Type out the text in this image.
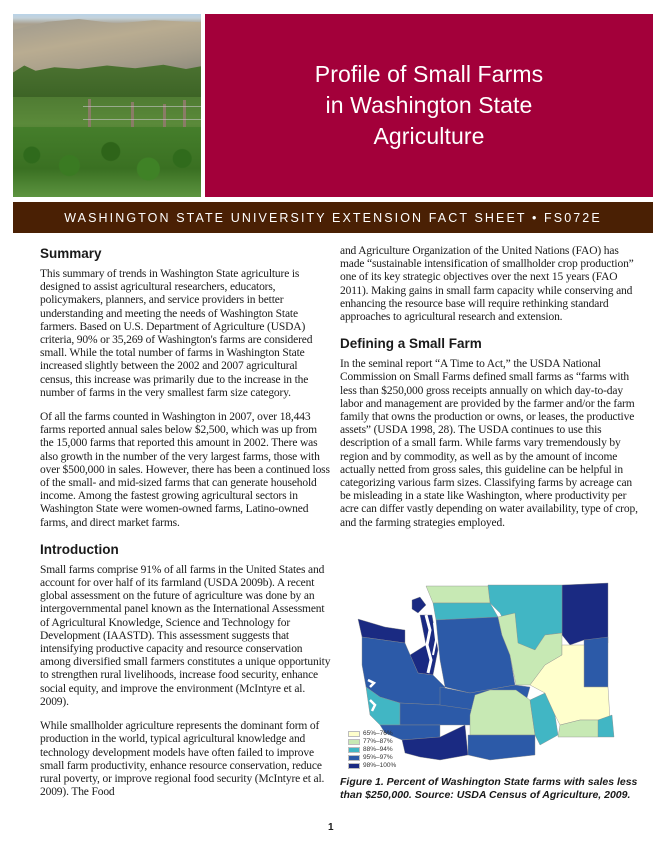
Profile of Small Farms
in Washington State
Agriculture
WASHINGTON STATE UNIVERSITY EXTENSION FACT SHEET • FS072E
Summary

This summary of trends in Washington State agriculture is designed to assist agricultural researchers, educators, policymakers, planners, and service providers in better understanding and meeting the needs of Washington State farmers. Based on U.S. Department of Agriculture (USDA) criteria, 90% or 35,269 of Washington's farms are considered small. While the total number of farms in Washington State increased slightly between the 2002 and 2007 agricultural census, this increase was primarily due to the increase in the number of farms in the very smallest farm size category.

Of all the farms counted in Washington in 2007, over 18,443 farms reported annual sales below $2,500, which was up from the 15,000 farms that reported this amount in 2002. There was also growth in the number of the very largest farms, those with over $500,000 in sales. However, there has been a continued loss of the small- and mid-sized farms that can generate household income. Among the fastest growing agricultural sectors in Washington State were women-owned farms, Latino-owned farms, and direct market farms.

Introduction

Small farms comprise 91% of all farms in the United States and account for over half of its farmland (USDA 2009b). A recent global assessment on the future of agriculture was done by an intergovernmental panel known as the International Assessment of Agricultural Knowledge, Science and Technology for Development (IAASTD). This assessment suggests that intensifying productive capacity and resource conservation among diversified small farmers constitutes a unique opportunity to strengthen rural livelihoods, increase food security, enhance social equity, and improve the environment (McIntyre et al. 2009).

While smallholder agriculture represents the dominant form of production in the world, typical agricultural knowledge and technology development models have often failed to improve small farm productivity, enhance resource conservation, reduce rural poverty, or improve regional food security (McIntyre et al. 2009). The Food

and Agriculture Organization of the United Nations (FAO) has made “sustainable intensification of smallholder crop production” one of its key strategic objectives over the next 15 years (FAO 2011). Making gains in small farm capacity while conserving and enhancing the resource base will require rethinking standard approaches to agricultural research and extension.

Defining a Small Farm

In the seminal report “A Time to Act,” the USDA National Commission on Small Farms defined small farms as “farms with less than $250,000 gross receipts annually on which day-to-day labor and management are provided by the farmer and/or the farm family that owns the production or owns, or leases, the productive assets” (USDA 1998, 28). The USDA continues to use this description of a small farm. While farms vary tremendously by region and by commodity, as well as by the amount of income actually netted from gross sales, this guideline can be helpful in categorizing various farm sizes. Classifying farms by acreage can be misleading in a state like Washington, where productivity per acre can differ vastly depending on water availability, type of crop, and the farming strategies employed.

65%–76%
77%–87%
88%–94%
95%–97%
98%–100%
Figure 1. Percent of Washington State farms with sales less than $250,000. Source: USDA Census of Agriculture, 2009.
1
